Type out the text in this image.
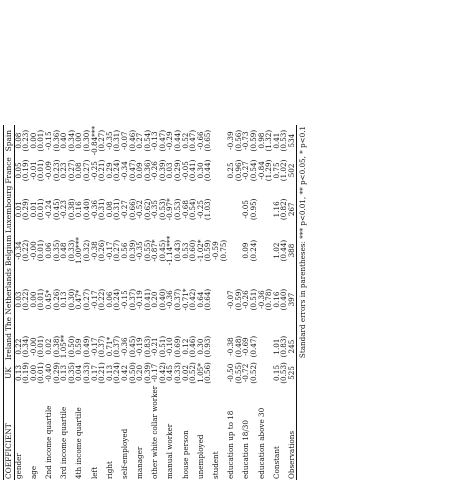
COEFFICIENT	UK	Ireland	The Netherlands	Belgium	Luxembourg	France	Spain
gender	0.13	0.22	0.03	-0.34	0.01	0.05	0.08
	(0.19)	(0.34)	(0.22)	(0.22)	(0.29)	(0.19)	(0.23)
age	0.00	-0.00	0.00	-0.00	0.01	-0.01	0.00
	(0.01)	(0.01)	(0.01)	(0.01)	(0.01)	(0.01)	(0.01)
2nd income quartile	-0.40	0.02	0.45*	0.06	-0.24	-0.09	-0.15
	(0.29)	(0.38)	(0.26)	(0.35)	(0.45)	(0.23)	(0.36)
3rd income quartile	0.13	1.05**	0.13	0.48	-0.23	0.23	0.40
	(0.35)	(0.50)	(0.30)	(0.33)	(0.38)	(0.27)	(0.34)
4th income quartile	0.04	0.59	0.47*	1.00***	0.16	0.08	0.00
	(0.33)	(0.49)	(0.27)	(0.32)	(0.40)	(0.27)	(0.30)
left	0.17	-0.17	-0.17	-0.38	-0.36	-0.25	-0.84***
	(0.21)	(0.37)	(0.22)	(0.26)	(0.31)	(0.21)	(0.27)
right	0.13	0.71*	0.06	-0.17	0.08	0.29	-0.35
	(0.24)	(0.37)	(0.24)	(0.27)	(0.31)	(0.24)	(0.31)
self-employed	0.42	-0.36	-0.15	0.56	-0.27	-0.34	-0.07
	(0.50)	(0.45)	(0.37)	(0.39)	(0.66)	(0.47)	(0.46)
manager	0.20	-0.19	-0.19	-0.35	-0.52	0.09	0.27
	(0.39)	(0.83)	(0.41)	(0.55)	(0.62)	(0.36)	(0.54)
other white collar worker	-0.17	-0.21	0.20	-0.87*	-0.35	-0.26	-0.13
	(0.42)	(0.51)	(0.40)	(0.45)	(0.53)	(0.39)	(0.47)
manual worker	0.45	-0.10	-0.36	-1.14***	-0.97*	0.03	-0.29
	(0.33)	(0.69)	(0.37)	(0.43)	(0.53)	(0.29)	(0.44)
house person	0.02	0.12	-0.71*	0.53	-0.68	-0.05	0.52
	(0.52)	(0.46)	(0.42)	(0.60)	(0.54)	(0.41)	(0.47)
unemployed	1.05*	0.30	0.64	-1.02*	-0.25	0.30	-0.66
	(0.56)	(0.93)	(0.64)	(0.59)	(1.03)	(0.44)	(0.65)
student				-0.59			
				(0.75)			
education up to 18	-0.50	-0.38	-0.07			0.25	-0.39
	(0.55)	(0.48)	(0.59)			(0.96)	(0.56)
education 18/30	-0.72	-0.69	-0.26	0.09	-0.05	-0.27	-0.73
	(0.52)	(0.47)	(0.51)	(0.24)	(0.95)	(0.54)	(0.59)
education above 30			-0.36			-0.84	0.98
			(0.78)			(1.29)	(1.32)
Constant	0.15	1.01	0.16	1.02	1.16	0.75	0.41
	(0.53)	(0.83)	(0.40)	(0.44)	(0.82)	(1.02)	(0.53)
Observations	525	245	397	388	267	502	534 Standard errors in parentheses: *** p<0.01, ** p<0.05, * p<0.1
